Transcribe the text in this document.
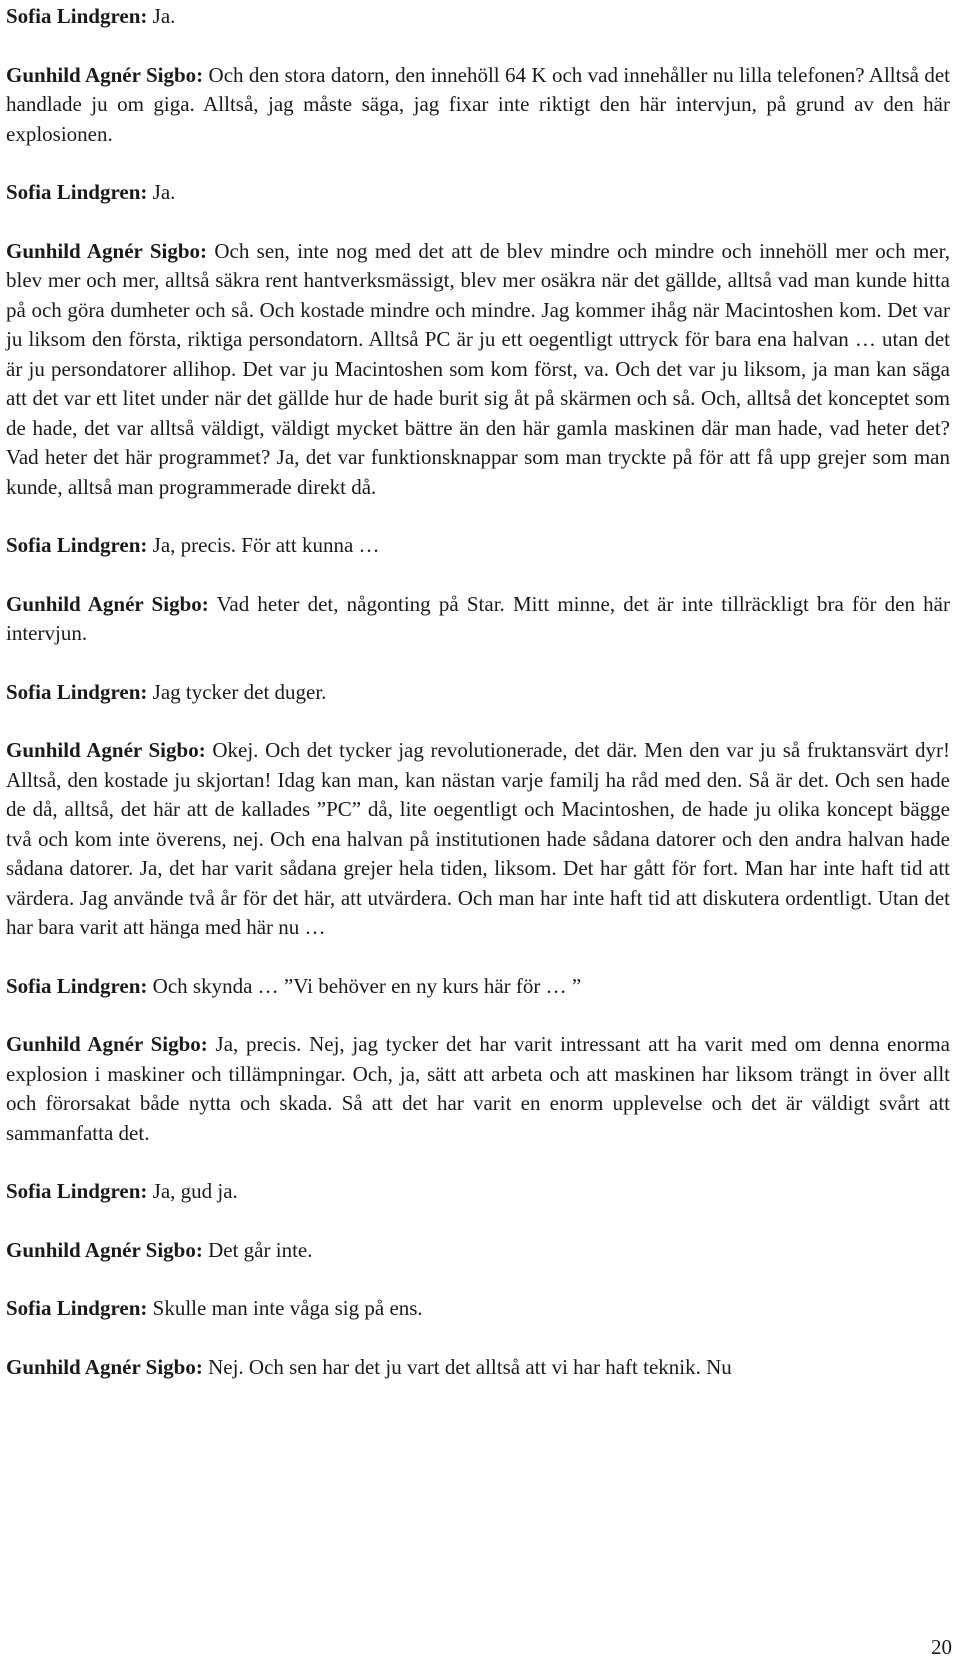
Sofia Lindgren: Ja.

Gunhild Agnér Sigbo: Och den stora datorn, den innehöll 64 K och vad innehåller nu lilla telefonen? Alltså det handlade ju om giga. Alltså, jag måste säga, jag fixar inte riktigt den här intervjun, på grund av den här explosionen.

Sofia Lindgren: Ja.

Gunhild Agnér Sigbo: Och sen, inte nog med det att de blev mindre och mindre och innehöll mer och mer, blev mer och mer, alltså säkra rent hantverksmässigt, blev mer osäkra när det gällde, alltså vad man kunde hitta på och göra dumheter och så. Och kostade mindre och mindre. Jag kommer ihåg när Macintoshen kom. Det var ju liksom den första, riktiga persondatorn. Alltså PC är ju ett oegentligt uttryck för bara ena halvan … utan det är ju persondatorer allihop. Det var ju Macintoshen som kom först, va. Och det var ju liksom, ja man kan säga att det var ett litet under när det gällde hur de hade burit sig åt på skärmen och så. Och, alltså det konceptet som de hade, det var alltså väldigt, väldigt mycket bättre än den här gamla maskinen där man hade, vad heter det? Vad heter det här programmet? Ja, det var funktionsknappar som man tryckte på för att få upp grejer som man kunde, alltså man programmerade direkt då.

Sofia Lindgren: Ja, precis. För att kunna …

Gunhild Agnér Sigbo: Vad heter det, någonting på Star. Mitt minne, det är inte tillräckligt bra för den här intervjun.

Sofia Lindgren: Jag tycker det duger.

Gunhild Agnér Sigbo: Okej. Och det tycker jag revolutionerade, det där. Men den var ju så fruktansvärt dyr! Alltså, den kostade ju skjortan! Idag kan man, kan nästan varje familj ha råd med den. Så är det. Och sen hade de då, alltså, det här att de kallades ”PC” då, lite oegentligt och Macintoshen, de hade ju olika koncept bägge två och kom inte överens, nej. Och ena halvan på institutionen hade sådana datorer och den andra halvan hade sådana datorer. Ja, det har varit sådana grejer hela tiden, liksom. Det har gått för fort. Man har inte haft tid att värdera. Jag använde två år för det här, att utvärdera. Och man har inte haft tid att diskutera ordentligt. Utan det har bara varit att hänga med här nu …

Sofia Lindgren: Och skynda … ”Vi behöver en ny kurs här för … ”

Gunhild Agnér Sigbo: Ja, precis. Nej, jag tycker det har varit intressant att ha varit med om denna enorma explosion i maskiner och tillämpningar. Och, ja, sätt att arbeta och att maskinen har liksom trängt in över allt och förorsakat både nytta och skada. Så att det har varit en enorm upplevelse och det är väldigt svårt att sammanfatta det.

Sofia Lindgren: Ja, gud ja.

Gunhild Agnér Sigbo: Det går inte.

Sofia Lindgren: Skulle man inte våga sig på ens.

Gunhild Agnér Sigbo: Nej. Och sen har det ju vart det alltså att vi har haft teknik. Nu

20
